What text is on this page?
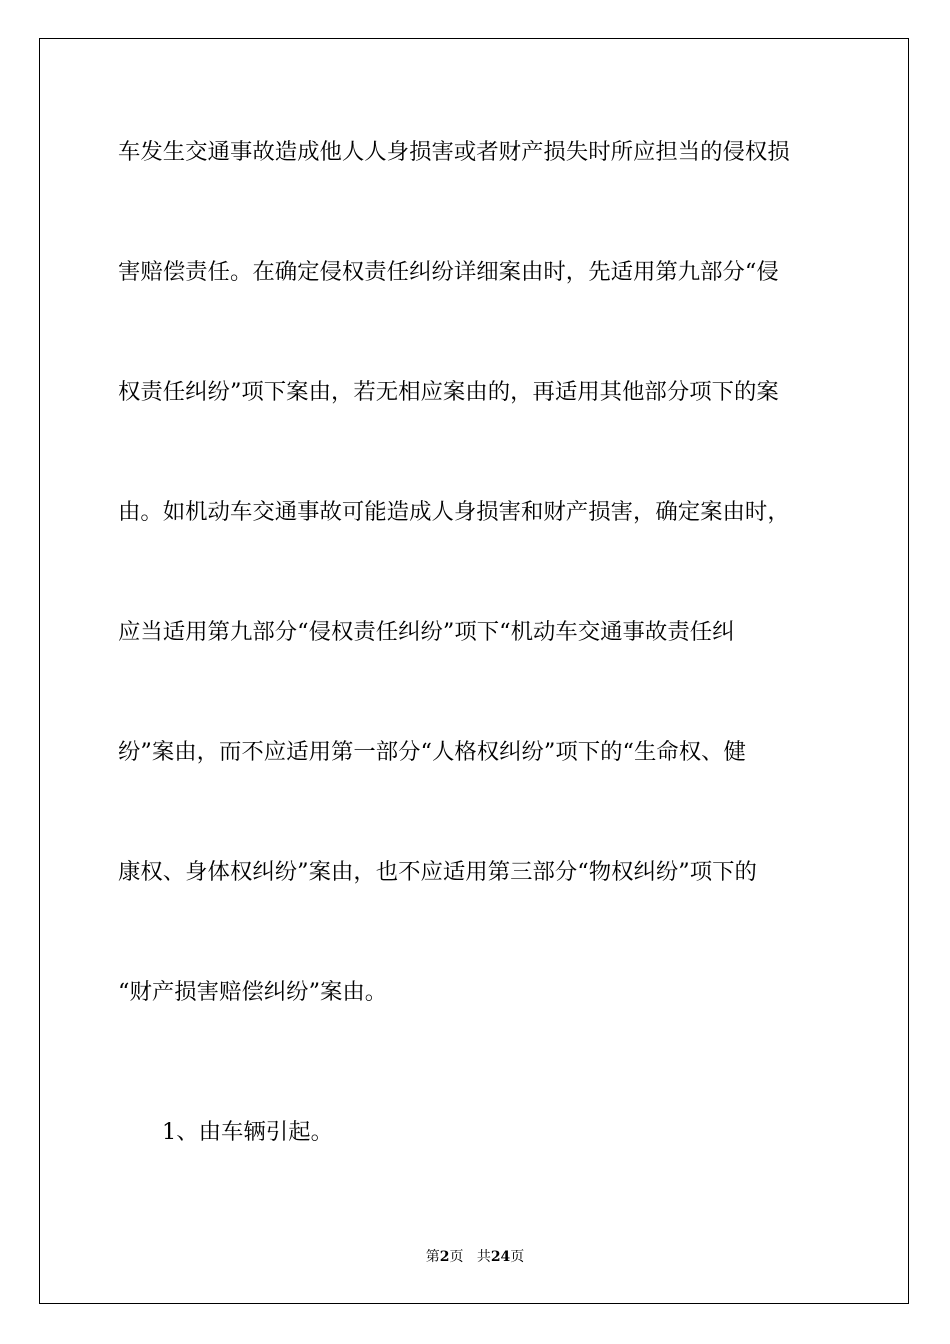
车发生交通事故造成他人人身损害或者财产损失时所应担当的侵权损

害赔偿责任。在确定侵权责任纠纷详细案由时，先适用第九部分“侵

权责任纠纷”项下案由，若无相应案由的，再适用其他部分项下的案

由。如机动车交通事故可能造成人身损害和财产损害，确定案由时，

应当适用第九部分“侵权责任纠纷”项下“机动车交通事故责任纠

纷”案由，而不应适用第一部分“人格权纠纷”项下的“生命权、健

康权、身体权纠纷”案由，也不应适用第三部分“物权纠纷”项下的

“财产损害赔偿纠纷”案由。

1、由车辆引起。

第2页 共24页
